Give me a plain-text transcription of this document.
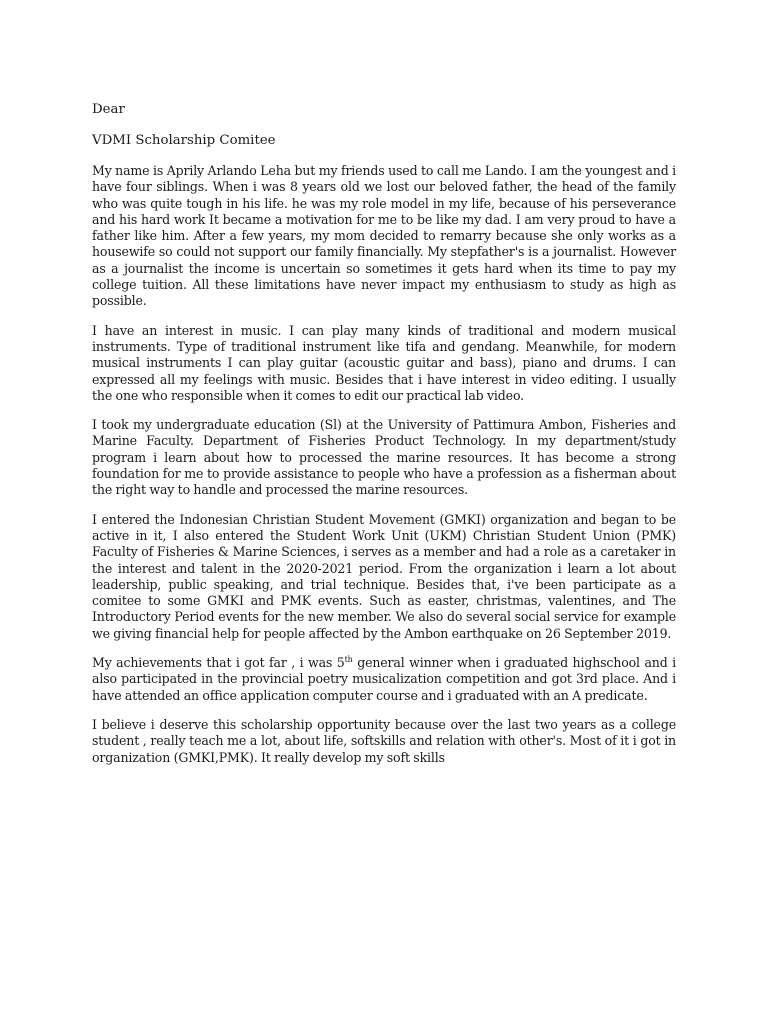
Dear

VDMI Scholarship Comitee

My name is Aprily Arlando Leha but my friends used to call me Lando. I am the youngest and i have four siblings. When i was 8 years old we lost our beloved father, the head of the family who was quite tough in his life. he was my role model in my life, because of his perseverance and his hard work It became a motivation for me to be like my dad. I am very proud to have a father like him. After a few years, my mom decided to remarry because she only works as a housewife so could not support our family financially. My stepfather's is a journalist. However as a journalist the income is uncertain so sometimes it gets hard when its time to pay my college tuition. All these limitations have never impact my enthusiasm to study as high as possible.

I have an interest in music. I can play many kinds of traditional and modern musical instruments. Type of traditional instrument like tifa and gendang. Meanwhile, for modern musical instruments I can play guitar (acoustic guitar and bass), piano and drums. I can expressed all my feelings with music. Besides that i have interest in video editing. I usually the one who responsible when it comes to edit our practical lab video.

I took my undergraduate education (Sl) at the University of Pattimura Ambon, Fisheries and Marine Faculty. Department of Fisheries Product Technology. In my department/study program i learn about how to processed the marine resources. It has become a strong foundation for me to provide assistance to people who have a profession as a fisherman about the right way to handle and processed the marine resources.

I entered the Indonesian Christian Student Movement (GMKI) organization and began to be active in it, I also entered the Student Work Unit (UKM) Christian Student Union (PMK) Faculty of Fisheries & Marine Sciences, i serves as a member and had a role as a caretaker in the interest and talent in the 2020-2021 period. From the organization i learn a lot about leadership, public speaking, and trial technique. Besides that, i've been participate as a comitee to some GMKI and PMK events. Such as easter, christmas, valentines, and The Introductory Period events for the new member. We also do several social service for example we giving financial help for people affected by the Ambon earthquake on 26 September 2019.

My achievements that i got far , i was 5th general winner when i graduated highschool and i also participated in the provincial poetry musicalization competition and got 3rd place. And i have attended an office application computer course and i graduated with an A predicate.

I believe i deserve this scholarship opportunity because over the last two years as a college student , really teach me a lot, about life, softskills and relation with other's. Most of it i got in organization (GMKI,PMK). It really develop my soft skills
